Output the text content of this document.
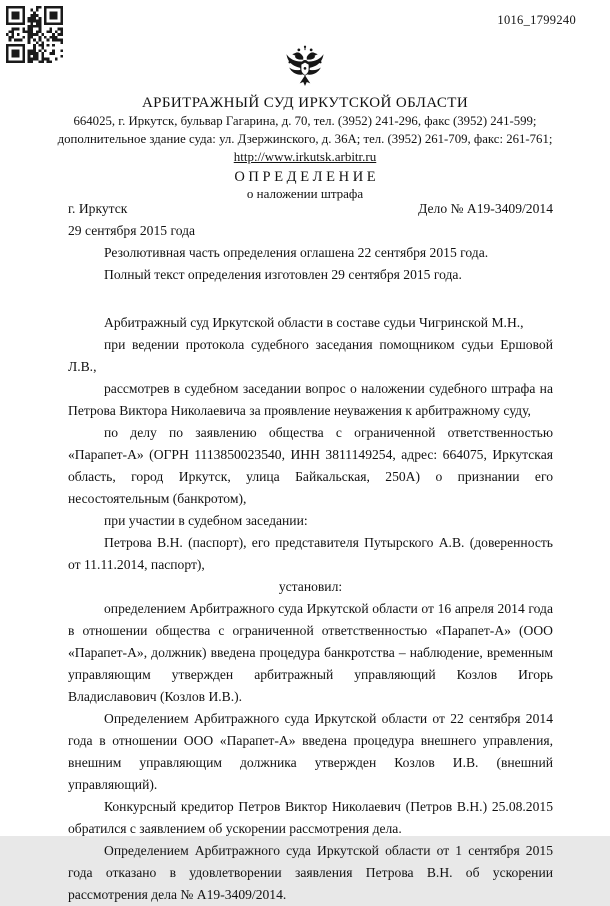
1016_1799240
АРБИТРАЖНЫЙ СУД ИРКУТСКОЙ ОБЛАСТИ
664025, г. Иркутск, бульвар Гагарина, д. 70, тел. (3952) 241-296, факс (3952) 241-599;
дополнительное здание суда: ул. Дзержинского, д. 36А; тел. (3952) 261-709, факс: 261-761;
http://www.irkutsk.arbitr.ru
О П Р Е Д Е Л Е Н И Е
о наложении штрафа
г. Иркутск	Дело № А19-3409/2014
29 сентября 2015 года

Резолютивная часть определения оглашена 22 сентября 2015 года.

Полный текст определения изготовлен 29 сентября 2015 года.

Арбитражный суд Иркутской области в составе судьи Чигринской М.Н.,

при ведении протокола судебного заседания помощником судьи Ершовой Л.В.,

рассмотрев в судебном заседании вопрос о наложении судебного штрафа на Петрова Виктора Николаевича за проявление неуважения к арбитражному суду,

по делу по заявлению общества с ограниченной ответственностью «Парапет-А» (ОГРН 1113850023540, ИНН 3811149254, адрес: 664075, Иркутская область, город Иркутск, улица Байкальская, 250А) о признании его несостоятельным (банкротом),

при участии в судебном заседании:

Петрова В.Н. (паспорт), его представителя Путырского А.В. (доверенность от 11.11.2014, паспорт),

установил:

определением Арбитражного суда Иркутской области от 16 апреля 2014 года в отношении общества с ограниченной ответственностью «Парапет-А» (ООО «Парапет-А», должник) введена процедура банкротства – наблюдение, временным управляющим утвержден арбитражный управляющий Козлов Игорь Владиславович (Козлов И.В.).

Определением Арбитражного суда Иркутской области от 22 сентября 2014 года в отношении ООО «Парапет-А» введена процедура внешнего управления, внешним управляющим должника утвержден Козлов И.В. (внешний управляющий).

Конкурсный кредитор Петров Виктор Николаевич (Петров В.Н.) 25.08.2015 обратился с заявлением об ускорении рассмотрения дела.

Определением Арбитражного суда Иркутской области от 1 сентября 2015 года отказано в удовлетворении заявления Петрова В.Н. об ускорении рассмотрения дела № А19-3409/2014.
